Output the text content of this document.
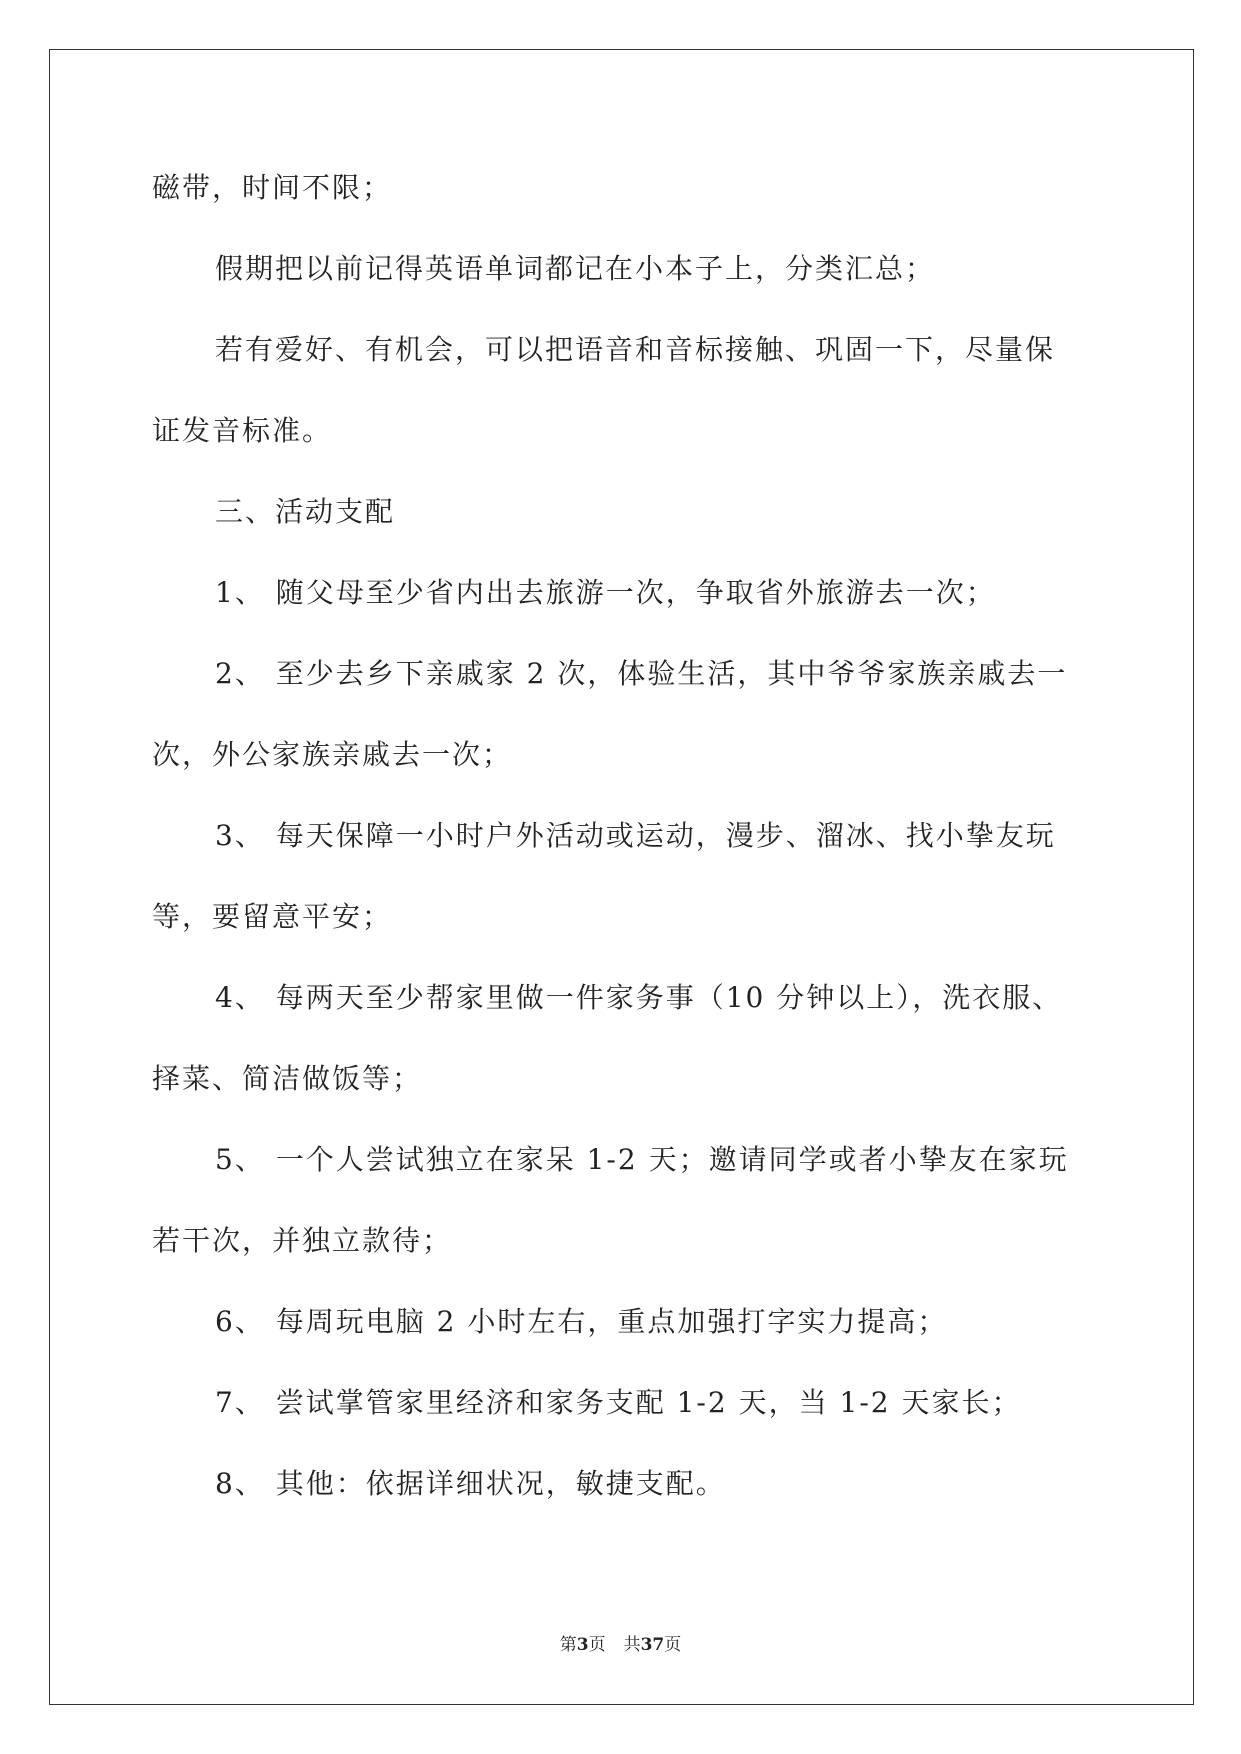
磁带，时间不限；
假期把以前记得英语单词都记在小本子上，分类汇总；
若有爱好、有机会，可以把语音和音标接触、巩固一下，尽量保
证发音标准。
三、活动支配
1、 随父母至少省内出去旅游一次，争取省外旅游去一次；
2、 至少去乡下亲戚家 2 次，体验生活，其中爷爷家族亲戚去一
次，外公家族亲戚去一次；
3、 每天保障一小时户外活动或运动，漫步、溜冰、找小挚友玩
等，要留意平安；
4、 每两天至少帮家里做一件家务事（10 分钟以上），洗衣服、
择菜、简洁做饭等；
5、 一个人尝试独立在家呆 1-2 天；邀请同学或者小挚友在家玩
若干次，并独立款待；
6、 每周玩电脑 2 小时左右，重点加强打字实力提高；
7、 尝试掌管家里经济和家务支配 1-2 天，当 1-2 天家长；
8、 其他：依据详细状况，敏捷支配。
第3页 共37页
